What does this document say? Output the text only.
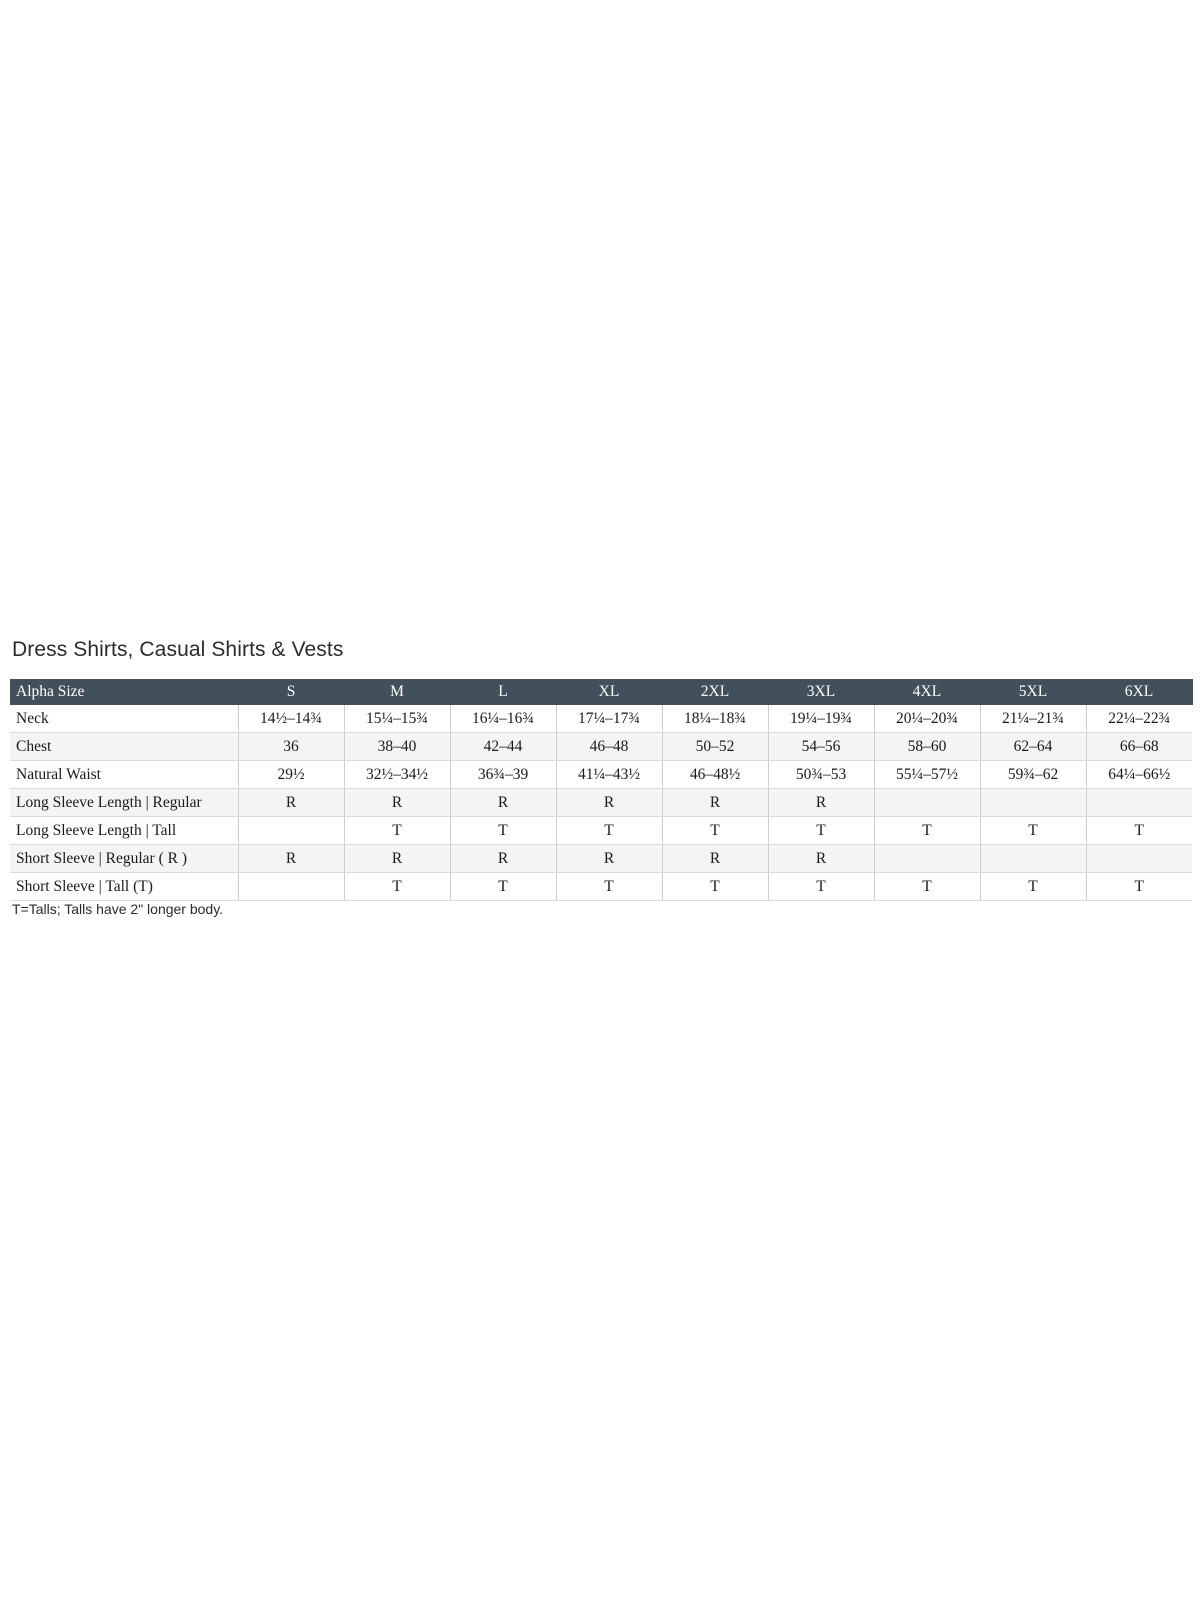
Dress Shirts, Casual Shirts & Vests
Alpha Size	S	M	L	XL	2XL	3XL	4XL	5XL	6XL
Neck	14½–14¾	15¼–15¾	16¼–16¾	17¼–17¾	18¼–18¾	19¼–19¾	20¼–20¾	21¼–21¾	22¼–22¾
Chest	36	38–40	42–44	46–48	50–52	54–56	58–60	62–64	66–68
Natural Waist	29½	32½–34½	36¾–39	41¼–43½	46–48½	50¾–53	55¼–57½	59¾–62	64¼–66½
Long Sleeve Length | Regular	R	R	R	R	R	R			
Long Sleeve Length | Tall		T	T	T	T	T	T	T	T
Short Sleeve | Regular ( R )	R	R	R	R	R	R			
Short Sleeve | Tall (T)		T	T	T	T	T	T	T	T
T=Talls; Talls have 2" longer body.
